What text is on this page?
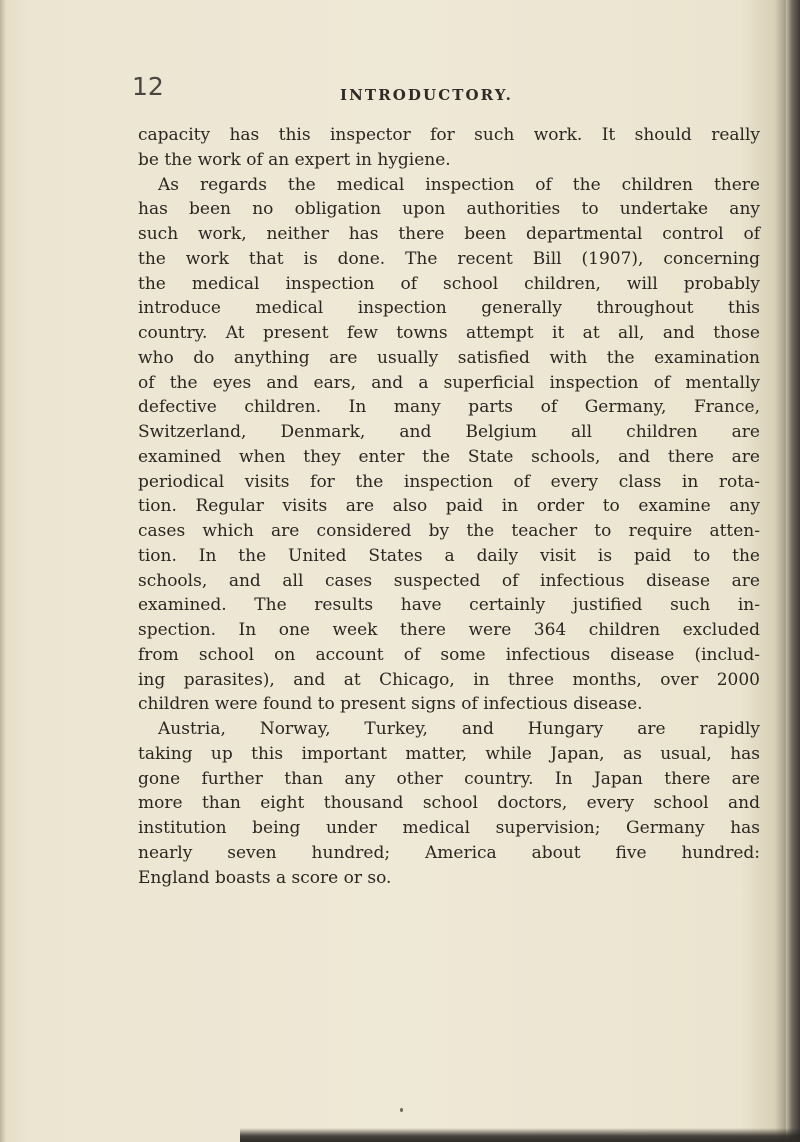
12	INTRODUCTORY.
capacity has this inspector for such work. It should really
be the work of an expert in hygiene.
As regards the medical inspection of the children there
has been no obligation upon authorities to undertake any
such work, neither has there been departmental control of
the work that is done. The recent Bill (1907), concerning
the medical inspection of school children, will probably
introduce medical inspection generally throughout this
country. At present few towns attempt it at all, and those
who do anything are usually satisfied with the examination
of the eyes and ears, and a superficial inspection of mentally
defective children. In many parts of Germany, France,
Switzerland, Denmark, and Belgium all children are
examined when they enter the State schools, and there are
periodical visits for the inspection of every class in rota-
tion. Regular visits are also paid in order to examine any
cases which are considered by the teacher to require atten-
tion. In the United States a daily visit is paid to the
schools, and all cases suspected of infectious disease are
examined. The results have certainly justified such in-
spection. In one week there were 364 children excluded
from school on account of some infectious disease (includ-
ing parasites), and at Chicago, in three months, over 2000
children were found to present signs of infectious disease.
Austria, Norway, Turkey, and Hungary are rapidly
taking up this important matter, while Japan, as usual, has
gone further than any other country. In Japan there are
more than eight thousand school doctors, every school and
institution being under medical supervision; Germany has
nearly seven hundred; America about five hundred:
England boasts a score or so.
